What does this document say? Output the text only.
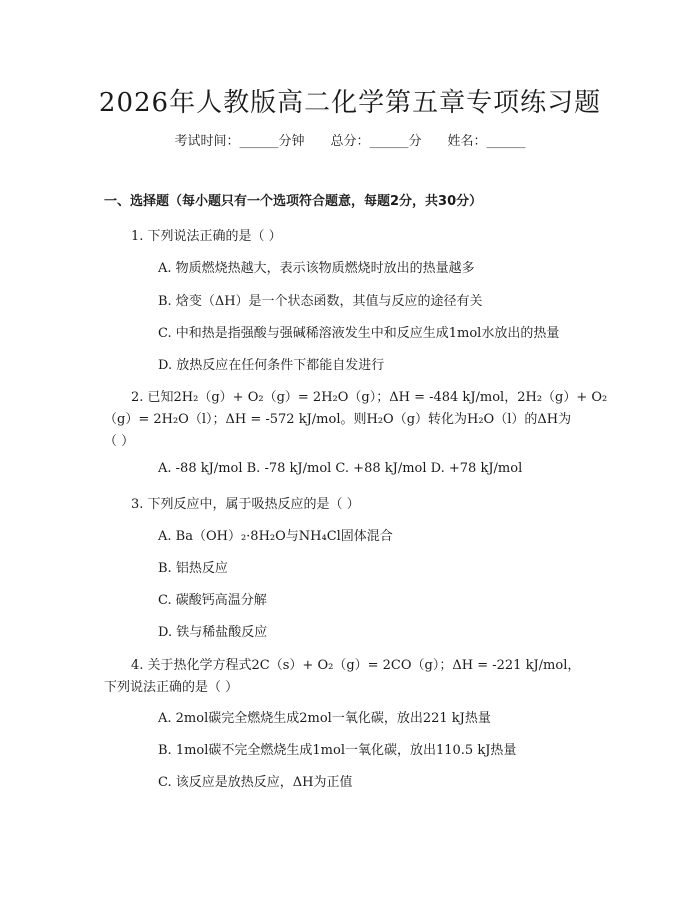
2026年人教版高二化学第五章专项练习题
考试时间：______分钟 总分：______分 姓名：______
一、选择题（每小题只有一个选项符合题意，每题2分，共30分）
1. 下列说法正确的是（ ）
A. 物质燃烧热越大，表示该物质燃烧时放出的热量越多
B. 焓变（ΔH）是一个状态函数，其值与反应的途径有关
C. 中和热是指强酸与强碱稀溶液发生中和反应生成1mol水放出的热量
D. 放热反应在任何条件下都能自发进行
2. 已知2H₂（g）+ O₂（g）= 2H₂O（g）；ΔH = -484 kJ/mol，2H₂（g）+ O₂
（g）= 2H₂O（l）；ΔH = -572 kJ/mol。则H₂O（g）转化为H₂O（l）的ΔH为
（ ）
A. -88 kJ/mol B. -78 kJ/mol C. +88 kJ/mol D. +78 kJ/mol
3. 下列反应中，属于吸热反应的是（ ）
A. Ba（OH）₂·8H₂O与NH₄Cl固体混合
B. 铝热反应
C. 碳酸钙高温分解
D. 铁与稀盐酸反应
4. 关于热化学方程式2C（s）+ O₂（g）= 2CO（g）；ΔH = -221 kJ/mol，
下列说法正确的是（ ）
A. 2mol碳完全燃烧生成2mol一氧化碳，放出221 kJ热量
B. 1mol碳不完全燃烧生成1mol一氧化碳，放出110.5 kJ热量
C. 该反应是放热反应，ΔH为正值
